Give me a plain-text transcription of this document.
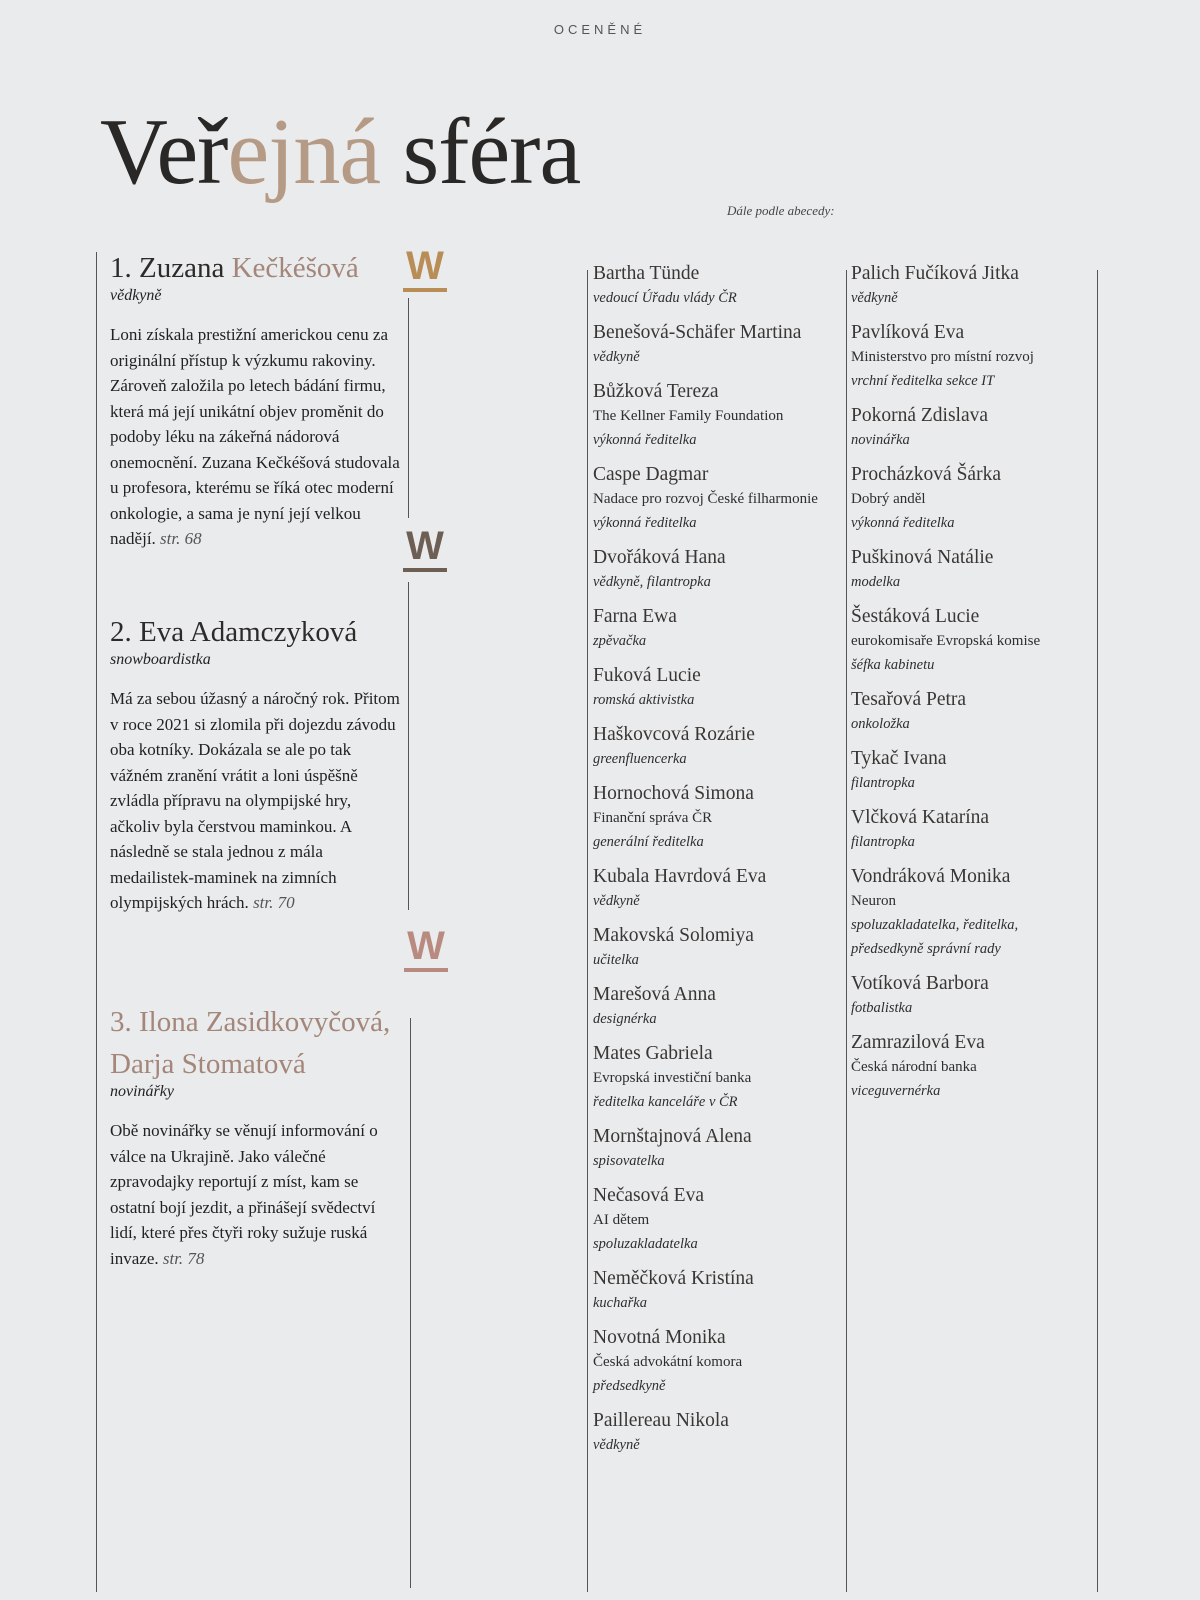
OCENĚNÉ
Veřejná sféra
Dále podle abecedy:
W
W
W
1. Zuzana Kečkéšová
vědkyně
Loni získala prestižní americkou cenu za originální přístup k výzkumu rakoviny. Zároveň založila po letech bádání firmu, která má její unikátní objev proměnit do podoby léku na zákeřná nádorová onemocnění. Zuzana Kečkéšová studovala u profesora, kterému se říká otec moderní onkologie, a sama je nyní její velkou nadějí. str. 68
2. Eva Adamczyková
snowboardistka
Má za sebou úžasný a náročný rok. Přitom v roce 2021 si zlomila při dojezdu závodu oba kotníky. Dokázala se ale po tak vážném zranění vrátit a loni úspěšně zvládla přípravu na olympijské hry, ačkoliv byla čerstvou maminkou. A následně se stala jednou z mála medailistek-maminek na zimních olympijských hrách. str. 70
3. Ilona Zasidkovyčová,
Darja Stomatová
novinářky
Obě novinářky se věnují informování o válce na Ukrajině. Jako válečné zpravodajky reportují z míst, kam se ostatní bojí jezdit, a přinášejí svědectví lidí, které přes čtyři roky sužuje ruská invaze. str. 78
Bartha Tünde
vedoucí Úřadu vlády ČR
Benešová-Schäfer Martina
vědkyně
Bůžková Tereza
The Kellner Family Foundation
výkonná ředitelka
Caspe Dagmar
Nadace pro rozvoj České filharmonie
výkonná ředitelka
Dvořáková Hana
vědkyně, filantropka
Farna Ewa
zpěvačka
Fuková Lucie
romská aktivistka
Haškovcová Rozárie
greenfluencerka
Hornochová Simona
Finanční správa ČR
generální ředitelka
Kubala Havrdová Eva
vědkyně
Makovská Solomiya
učitelka
Marešová Anna
designérka
Mates Gabriela
Evropská investiční banka
ředitelka kanceláře v ČR
Mornštajnová Alena
spisovatelka
Nečasová Eva
AI dětem
spoluzakladatelka
Neměčková Kristína
kuchařka
Novotná Monika
Česká advokátní komora
předsedkyně
Paillereau Nikola
vědkyně
Palich Fučíková Jitka
vědkyně
Pavlíková Eva
Ministerstvo pro místní rozvoj
vrchní ředitelka sekce IT
Pokorná Zdislava
novinářka
Procházková Šárka
Dobrý anděl
výkonná ředitelka
Puškinová Natálie
modelka
Šestáková Lucie
eurokomisaře Evropská komise
šéfka kabinetu
Tesařová Petra
onkoložka
Tykač Ivana
filantropka
Vlčková Katarína
filantropka
Vondráková Monika
Neuron
spoluzakladatelka, ředitelka, předsedkyně správní rady
Votíková Barbora
fotbalistka
Zamrazilová Eva
Česká národní banka
viceguvernérka
